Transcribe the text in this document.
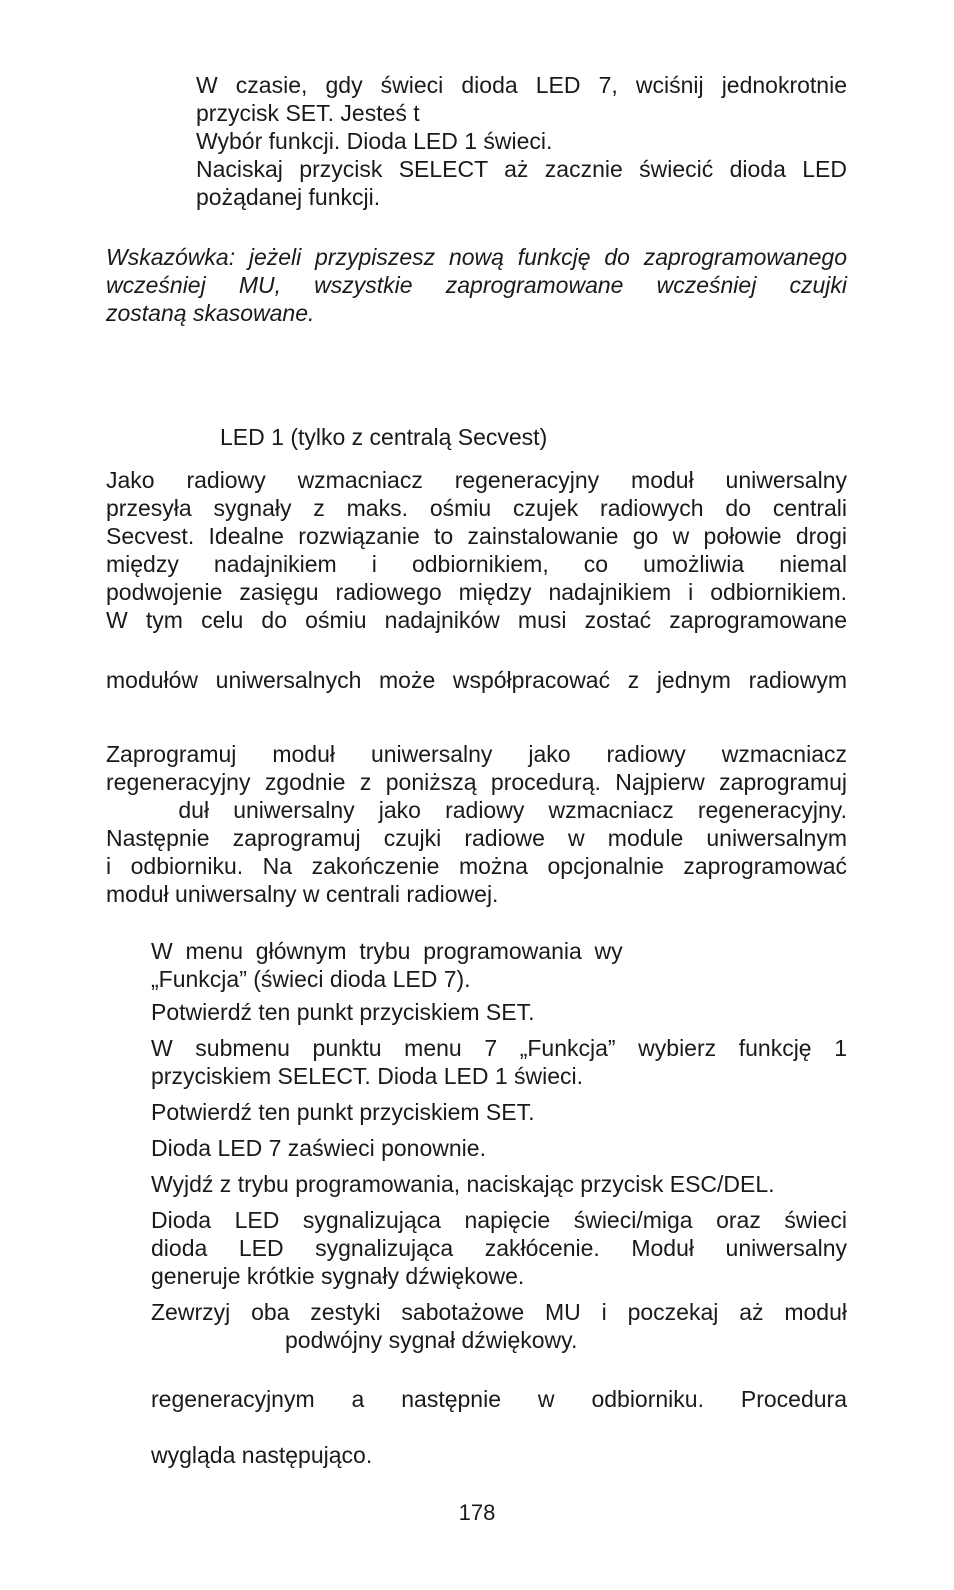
W czasie, gdy świeci dioda LED 7, wciśnij jednokrotnie
przycisk SET. Jesteś t
Wybór funkcji. Dioda LED 1 świeci.
Naciskaj przycisk SELECT aż zacznie świecić dioda LED
pożądanej funkcji.
Wskazówka: jeżeli przypiszesz nową funkcję do zaprogramowanego
wcześniej MU, wszystkie zaprogramowane wcześniej czujki
zostaną skasowane.
LED 1 (tylko z centralą Secvest)
Jako radiowy wzmacniacz regeneracyjny moduł uniwersalny
przesyła sygnały z maks. ośmiu czujek radiowych do centrali
Secvest. Idealne rozwiązanie to zainstalowanie go w połowie drogi
między nadajnikiem i odbiornikiem, co umożliwia niemal
podwojenie zasięgu radiowego między nadajnikiem i odbiornikiem.
W tym celu do ośmiu nadajników musi zostać zaprogramowane
modułów uniwersalnych może współpracować z jednym radiowym
Zaprogramuj moduł uniwersalny jako radiowy wzmacniacz
regeneracyjny zgodnie z poniższą procedurą. Najpierw zaprogramuj
duł uniwersalny jako radiowy wzmacniacz regeneracyjny.
Następnie zaprogramuj czujki radiowe w module uniwersalnym
i odbiorniku. Na zakończenie można opcjonalnie zaprogramować
moduł uniwersalny w centrali radiowej.
W  menu  głównym  trybu  programowania  wy
„Funkcja” (świeci dioda LED 7).
Potwierdź ten punkt przyciskiem SET.
W submenu punktu menu 7 „Funkcja” wybierz funkcję 1
przyciskiem SELECT. Dioda LED 1 świeci.
Potwierdź ten punkt przyciskiem SET.
Dioda LED 7 zaświeci ponownie.
Wyjdź z trybu programowania, naciskając przycisk ESC/DEL.
Dioda LED sygnalizująca napięcie świeci/miga oraz świeci
dioda LED sygnalizująca zakłócenie. Moduł uniwersalny
generuje krótkie sygnały dźwiękowe.
Zewrzyj oba zestyki sabotażowe MU i poczekaj aż moduł
podwójny sygnał dźwiękowy.
regeneracyjnym a następnie w odbiorniku. Procedura
wygląda następująco.
178
